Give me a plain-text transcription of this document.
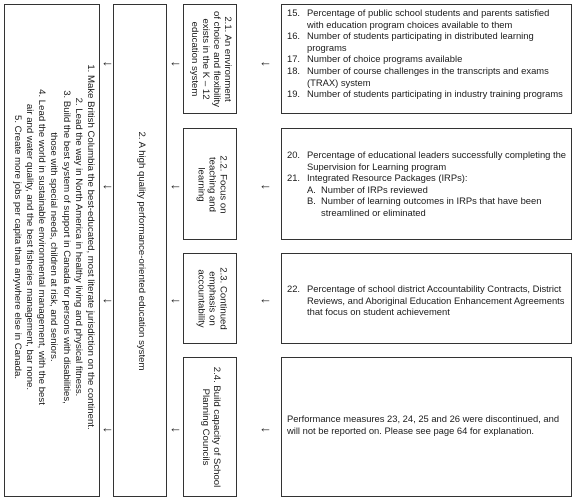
1. Make British Columbia the best-educated, most literate jurisdiction on the continent.
2. Lead the way in North America in healthy living and physical fitness.
3. Build the best system of support in Canada for persons with disabilities,
those with special needs, children at risk, and seniors.
4. Lead the world in sustainable environmental management, with the best
air and water quality, and the best fisheries management, bar none.
5. Create more jobs per capita than anywhere else in Canada.	2. A high quality performance-oriented education system
2.1. An environment
of choice and flexibility
exists in the K – 12
education system
2.2. Focus on
teaching and
learning
2.3. Continued
emphasis on
accountability
2.4. Build capacity of School
Planning Councils
15. Percentage of public school students and parents satisfied with education program choices available to them
16. Number of students participating in distributed learning programs
17. Number of choice programs available
18. Number of course challenges in the transcripts and exams (TRAX) system
19. Number of students participating in industry training programs
20. Percentage of educational leaders successfully completing the Supervision for Learning program
21. Integrated Resource Packages (IRPs):
A. Number of IRPs reviewed
B. Number of learning outcomes in IRPs that have been streamlined or eliminated
22. Percentage of school district Accountability Contracts, District Reviews, and Aboriginal Education Enhancement Agreements that focus on student achievement
Performance measures 23, 24, 25 and 26 were discontinued, and will not be reported on. Please see page 64 for explanation.
←
←
←
←
←
←
←
←
←
←
←
←
